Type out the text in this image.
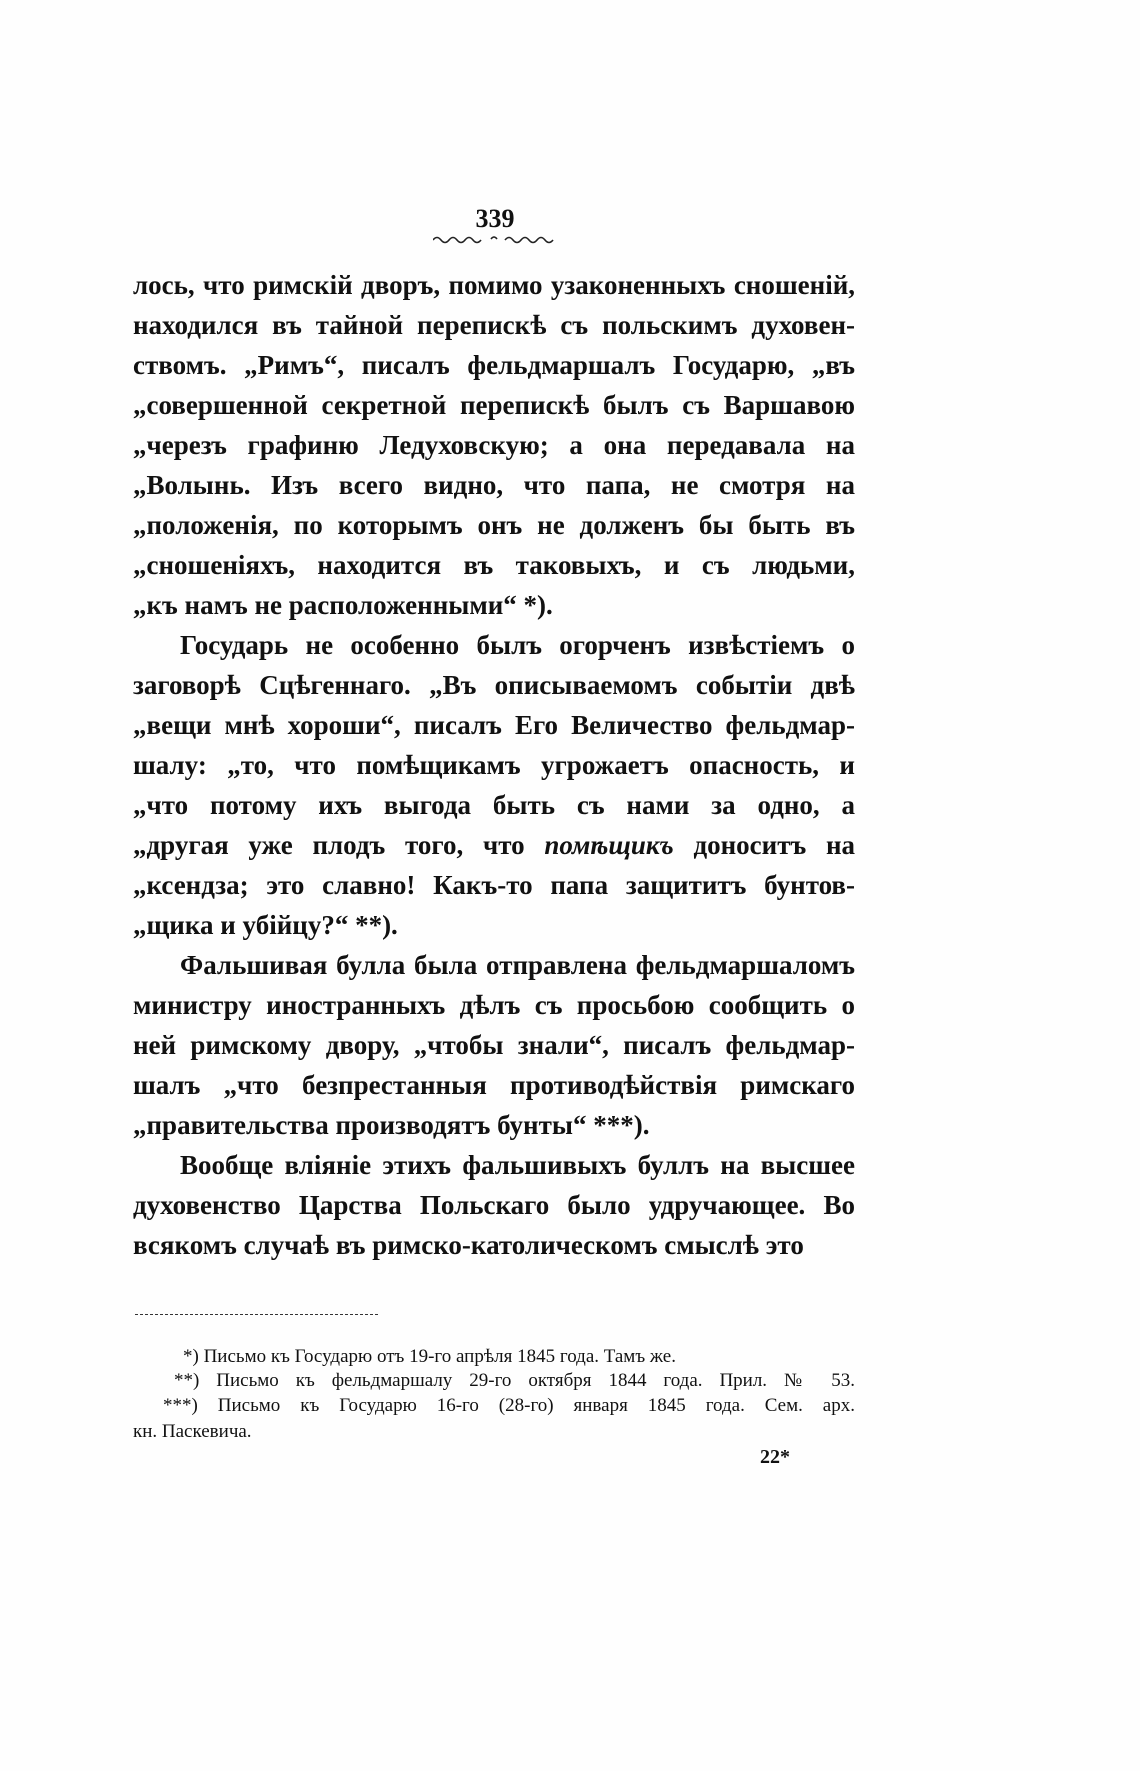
339
лось, что римскій дворъ, помимо узаконенныхъ сношеній,
находился въ тайной перепискѣ съ польскимъ духовен-
ствомъ. „Римъ“, писалъ фельдмаршалъ Государю, „въ
„совершенной секретной перепискѣ былъ съ Варшавою
„черезъ графиню Ледуховскую; а она передавала на
„Волынь. Изъ всего видно, что папа, не смотря на
„положенія, по которымъ онъ не долженъ бы быть въ
„сношеніяхъ, находится въ таковыхъ, и съ людьми,
„къ намъ не расположенными“ *).
Государь не особенно былъ огорченъ извѣстіемъ о
заговорѣ Сцѣгеннаго. „Въ описываемомъ событіи двѣ
„вещи мнѣ хороши“, писалъ Его Величество фельдмар-
шалу: „то, что помѣщикамъ угрожаетъ опасность, и
„что потому ихъ выгода быть съ нами за одно, а
„другая уже плодъ того, что помѣщикъ доноситъ на
„ксендза; это славно! Какъ-то папа защититъ бунтов-
„щика и убійцу?“ **).
Фальшивая булла была отправлена фельдмаршаломъ
министру иностранныхъ дѣлъ съ просьбою сообщить о
ней римскому двору, „чтобы знали“, писалъ фельдмар-
шалъ „что безпрестанныя противодѣйствія римскаго
„правительства производятъ бунты“ ***).
Вообще вліяніе этихъ фальшивыхъ буллъ на высшее
духовенство Царства Польскаго было удручающее. Во
всякомъ случаѣ въ римско-католическомъ смыслѣ это
*) Письмо къ Государю отъ 19-го апрѣля 1845 года. Тамъ же.
**) Письмо къ фельдмаршалу 29-го октября 1844 года. Прил. № 53.
***) Письмо къ Государю 16-го (28-го) января 1845 года. Сем. арх.
кн. Паскевича.
22*
